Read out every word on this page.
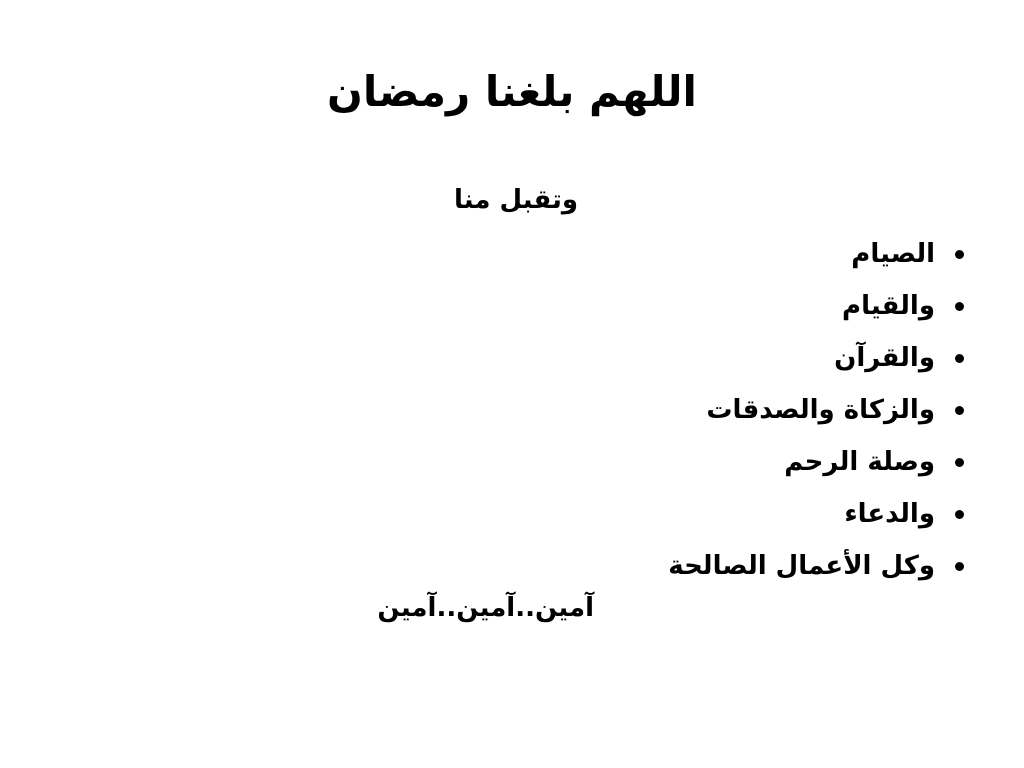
اللهم بلغنا رمضان
وتقبل منا
الصيام
والقيام
والقرآن
والزكاة والصدقات
وصلة الرحم
والدعاء
وكل الأعمال الصالحة
آمين..آمين..آمين
